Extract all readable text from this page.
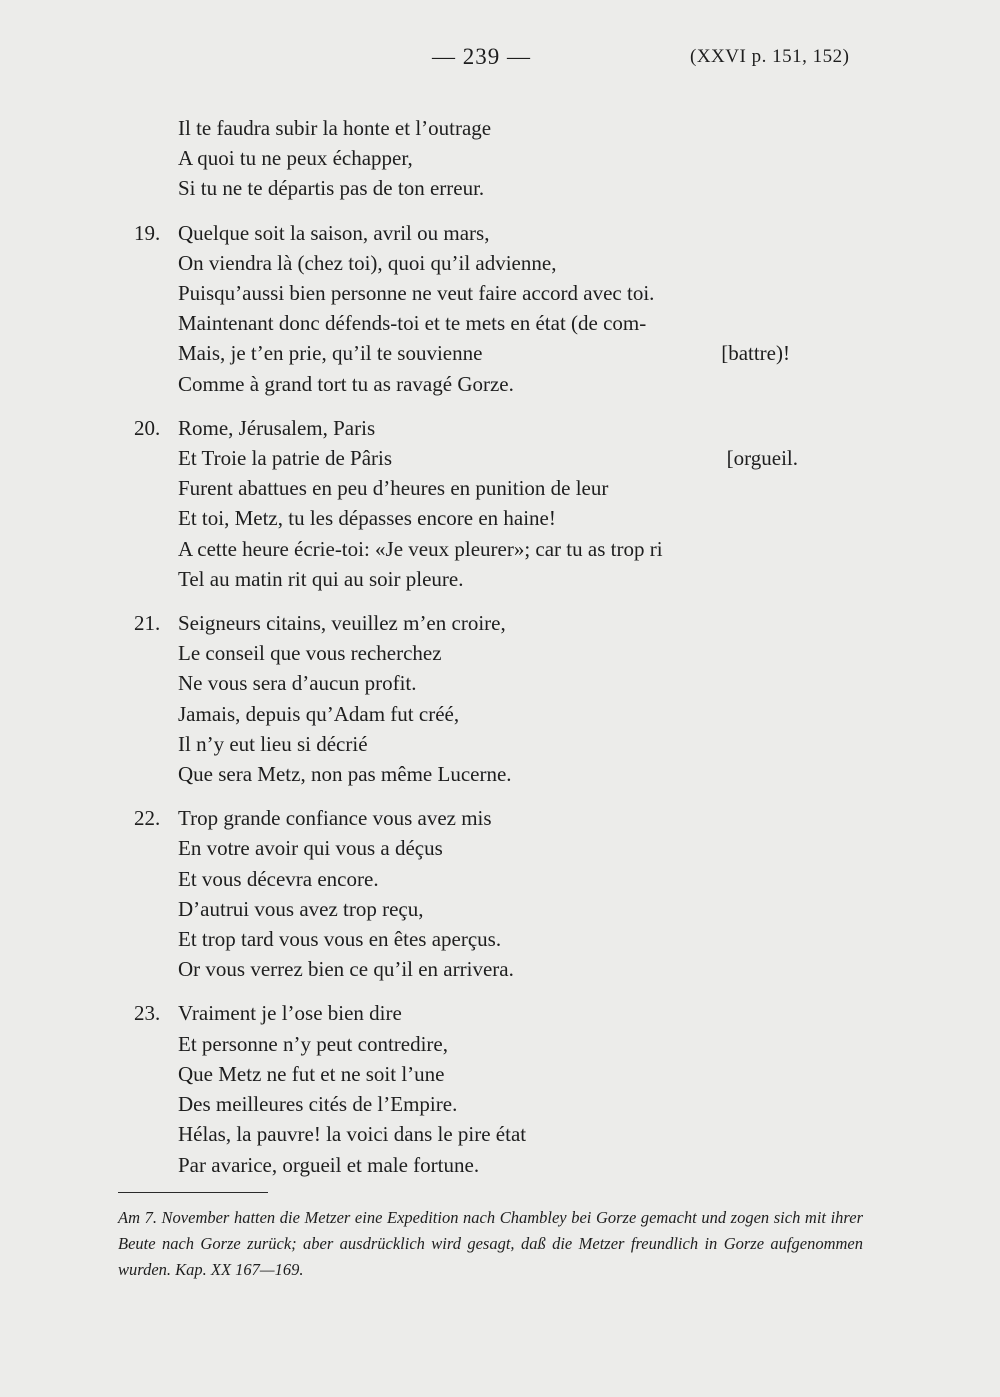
— 239 —	(XXVI p. 151, 152)
Il te faudra subir la honte et l’outrage
A quoi tu ne peux échapper,
Si tu ne te départis pas de ton erreur.
19. Quelque soit la saison, avril ou mars,
On viendra là (chez toi), quoi qu’il advienne,
Puisqu’aussi bien personne ne veut faire accord avec toi.
Maintenant donc défends-toi et te mets en état (de com-
Mais, je t’en prie, qu’il te souvienne	[battre)!
Comme à grand tort tu as ravagé Gorze.
20. Rome, Jérusalem, Paris
Et Troie la patrie de Pâris	[orgueil.
Furent abattues en peu d’heures en punition de leur
Et toi, Metz, tu les dépasses encore en haine!
A cette heure écrie-toi: «Je veux pleurer»; car tu as trop ri
Tel au matin rit qui au soir pleure.
21. Seigneurs citains, veuillez m’en croire,
Le conseil que vous recherchez
Ne vous sera d’aucun profit.
Jamais, depuis qu’Adam fut créé,
Il n’y eut lieu si décrié
Que sera Metz, non pas même Lucerne.
22. Trop grande confiance vous avez mis
En votre avoir qui vous a déçus
Et vous décevra encore.
D’autrui vous avez trop reçu,
Et trop tard vous vous en êtes aperçus.
Or vous verrez bien ce qu’il en arrivera.
23. Vraiment je l’ose bien dire
Et personne n’y peut contredire,
Que Metz ne fut et ne soit l’une
Des meilleures cités de l’Empire.
Hélas, la pauvre! la voici dans le pire état
Par avarice, orgueil et male fortune.
Am 7. November hatten die Metzer eine Expedition nach Chambley bei Gorze gemacht und zogen sich mit ihrer Beute nach Gorze zurück; aber ausdrücklich wird gesagt, daß die Metzer freundlich in Gorze aufgenommen wurden. Kap. XX 167—169.
